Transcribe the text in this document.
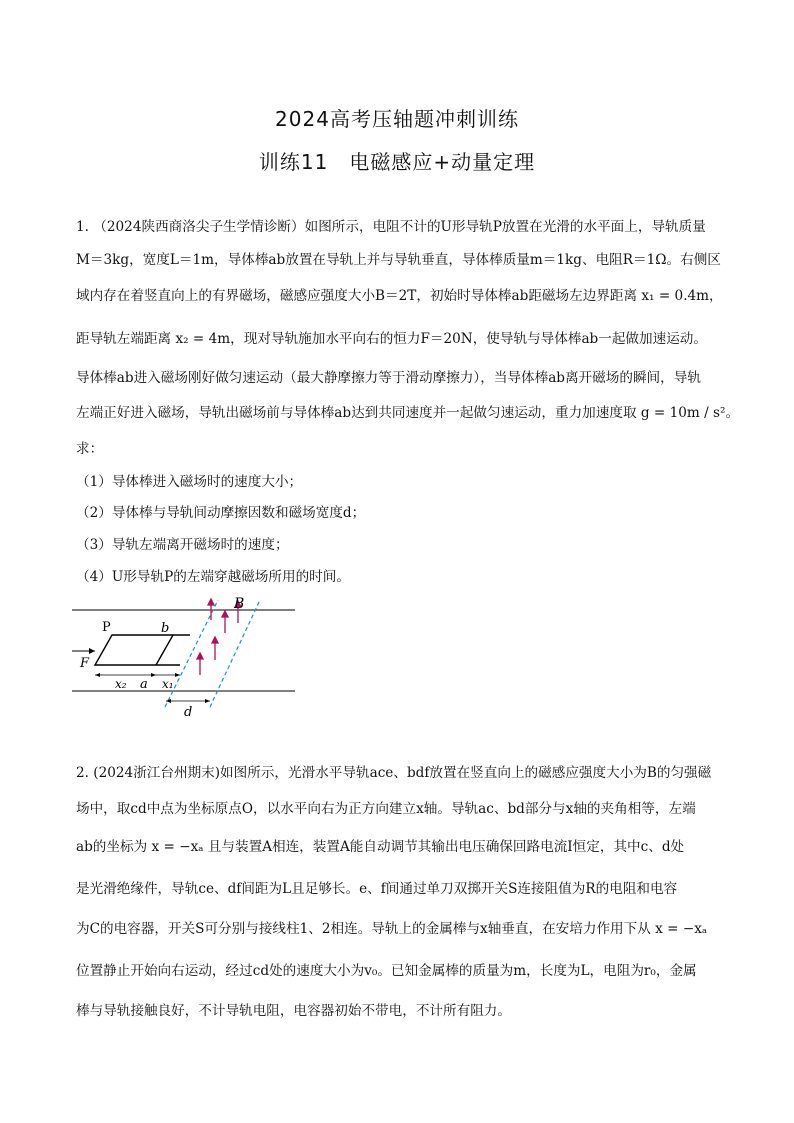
2024高考压轴题冲刺训练
训练11　电磁感应+动量定理
1. （2024陕西商洛尖子生学情诊断）如图所示，电阻不计的U形导轨P放置在光滑的水平面上，导轨质量
M＝3kg，宽度L＝1m，导体棒ab放置在导轨上并与导轨垂直，导体棒质量m＝1kg、电阻R＝1Ω。右侧区
域内存在着竖直向上的有界磁场，磁感应强度大小B＝2T，初始时导体棒ab距磁场左边界距离 x₁ = 0.4m，
距导轨左端距离 x₂ = 4m，现对导轨施加水平向右的恒力F＝20N，使导轨与导体棒ab一起做加速运动。
导体棒ab进入磁场刚好做匀速运动（最大静摩擦力等于滑动摩擦力），当导体棒ab离开磁场的瞬间，导轨
左端正好进入磁场，导轨出磁场前与导体棒ab达到共同速度并一起做匀速运动，重力加速度取 g = 10m / s²。
求：
（1）导体棒进入磁场时的速度大小；
（2）导体棒与导轨间动摩擦因数和磁场宽度d；
（3）导轨左端离开磁场时的速度；
（4）U形导轨P的左端穿越磁场所用的时间。
B
P	b
F
x₂ a x₁
d
2. (2024浙江台州期末)如图所示，光滑水平导轨ace、bdf放置在竖直向上的磁感应强度大小为B的匀强磁
场中，取cd中点为坐标原点O，以水平向右为正方向建立x轴。导轨ac、bd部分与x轴的夹角相等，左端
ab的坐标为 x = −xₐ 且与装置A相连，装置A能自动调节其输出电压确保回路电流I恒定，其中c、d处
是光滑绝缘件，导轨ce、df间距为L且足够长。e、f间通过单刀双掷开关S连接阻值为R的电阻和电容
为C的电容器，开关S可分别与接线柱1、2相连。导轨上的金属棒与x轴垂直，在安培力作用下从 x = −xₐ
位置静止开始向右运动，经过cd处的速度大小为v₀。已知金属棒的质量为m，长度为L，电阻为r₀，金属
棒与导轨接触良好，不计导轨电阻，电容器初始不带电，不计所有阻力。
